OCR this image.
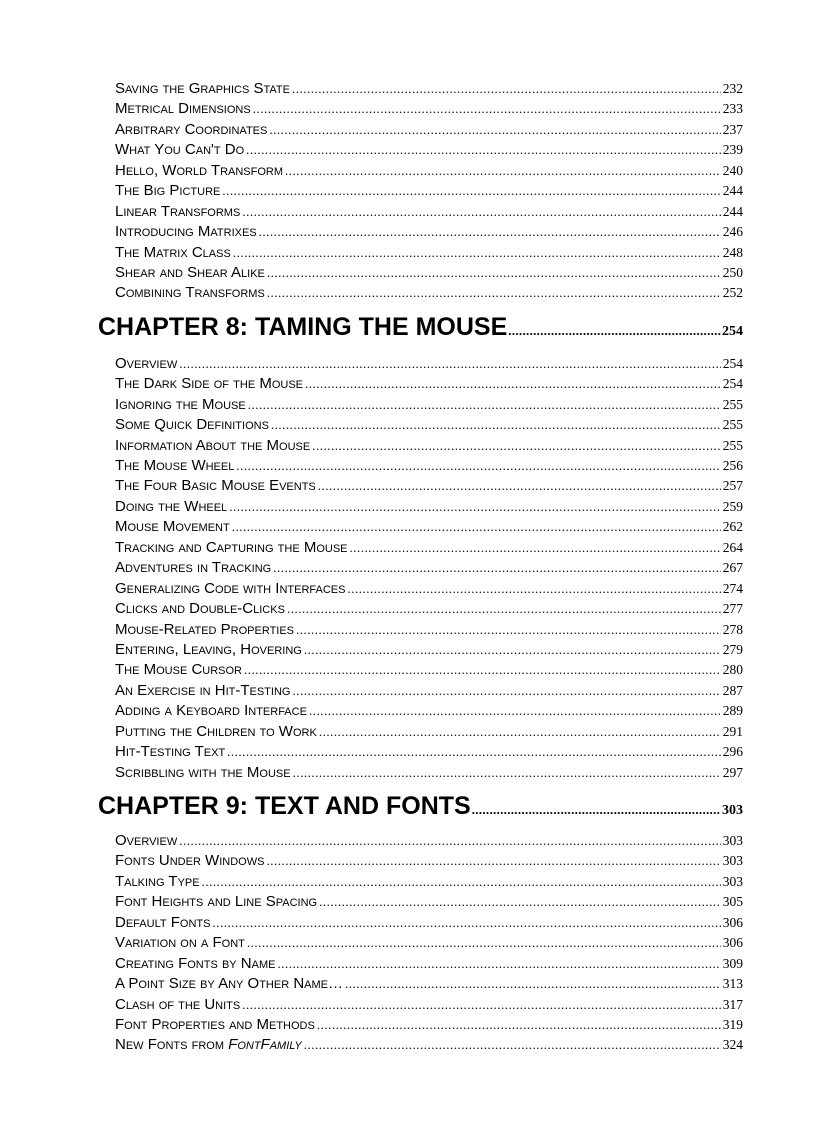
Saving the Graphics State .....	232
Metrical Dimensions .....	233
Arbitrary Coordinates .....	237
What You Can't Do .....	239
Hello, World Transform .....	240
The Big Picture .....	244
Linear Transforms .....	244
Introducing Matrixes .....	246
The Matrix Class .....	248
Shear and Shear Alike .....	250
Combining Transforms .....	252
CHAPTER 8: TAMING THE MOUSE .....	254
Overview .....	254
The Dark Side of the Mouse .....	254
Ignoring the Mouse .....	255
Some Quick Definitions .....	255
Information About the Mouse .....	255
The Mouse Wheel .....	256
The Four Basic Mouse Events .....	257
Doing the Wheel .....	259
Mouse Movement .....	262
Tracking and Capturing the Mouse .....	264
Adventures in Tracking .....	267
Generalizing Code with Interfaces .....	274
Clicks and Double-Clicks .....	277
Mouse-Related Properties .....	278
Entering, Leaving, Hovering .....	279
The Mouse Cursor .....	280
An Exercise in Hit-Testing .....	287
Adding a Keyboard Interface .....	289
Putting the Children to Work .....	291
Hit-Testing Text .....	296
Scribbling with the Mouse .....	297
CHAPTER 9: TEXT AND FONTS .....	303
Overview .....	303
Fonts Under Windows .....	303
Talking Type .....	303
Font Heights and Line Spacing .....	305
Default Fonts .....	306
Variation on a Font .....	306
Creating Fonts by Name .....	309
A Point Size by Any Other Name… .....	313
Clash of the Units .....	317
Font Properties and Methods .....	319
New Fonts from FontFamily .....	324
